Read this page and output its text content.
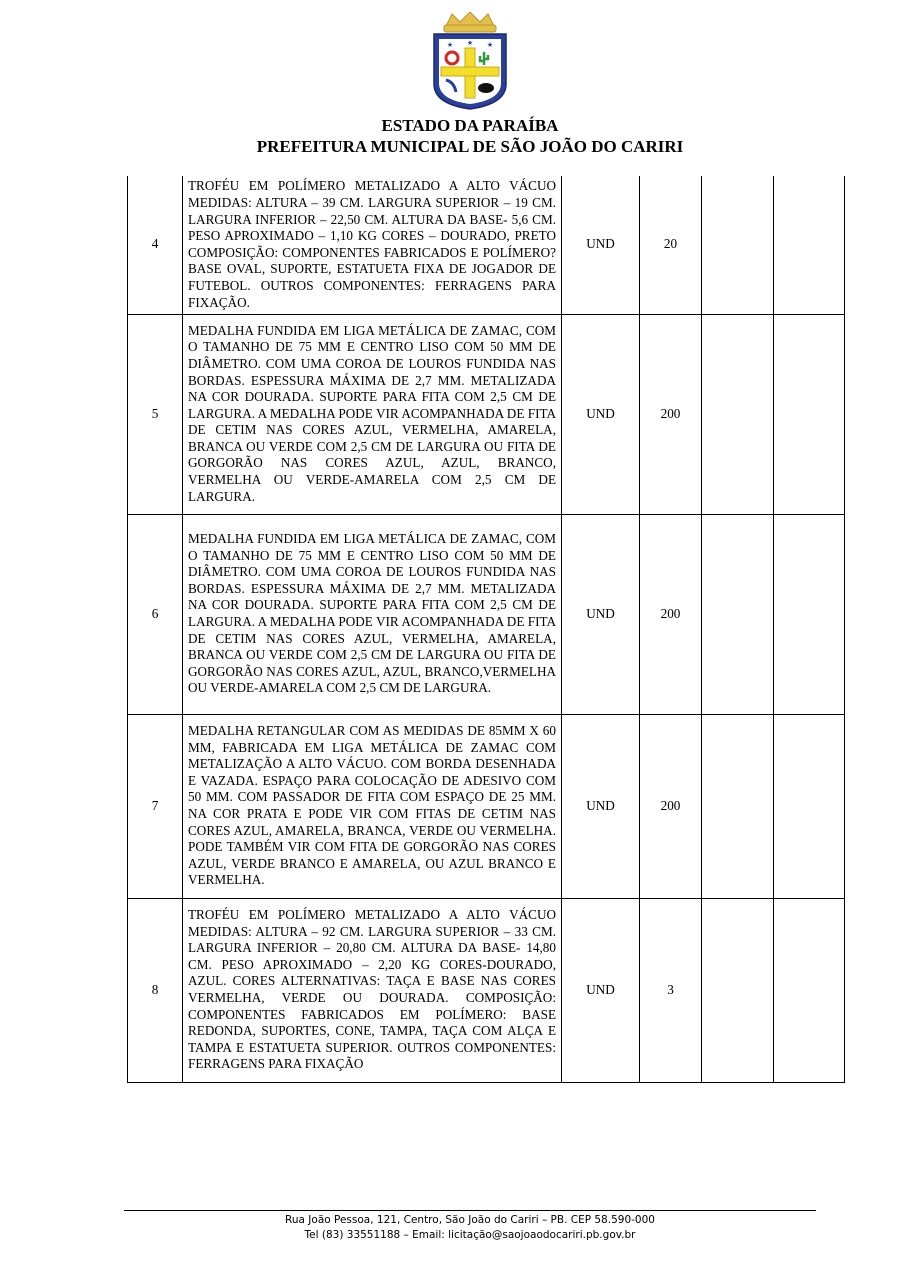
★ ★ ★
ESTADO DA PARAÍBA
PREFEITURA MUNICIPAL DE SÃO JOÃO DO CARIRI
4	TROFÉU EM POLÍMERO METALIZADO A ALTO VÁCUO MEDIDAS: ALTURA – 39 CM. LARGURA SUPERIOR – 19 CM. LARGURA INFERIOR – 22,50 CM. ALTURA DA BASE- 5,6 CM. PESO APROXIMADO – 1,10 KG CORES – DOURADO, PRETO COMPOSIÇÃO: COMPONENTES FABRICADOS E POLÍMERO? BASE OVAL, SUPORTE, ESTATUETA FIXA DE JOGADOR DE FUTEBOL. OUTROS COMPONENTES: FERRAGENS PARA FIXAÇÃO.	UND	20		
5	MEDALHA FUNDIDA EM LIGA METÁLICA DE ZAMAC, COM O TAMANHO DE 75 MM E CENTRO LISO COM 50 MM DE DIÂMETRO. COM UMA COROA DE LOUROS FUNDIDA NAS BORDAS. ESPESSURA MÁXIMA DE 2,7 MM. METALIZADA NA COR DOURADA. SUPORTE PARA FITA COM 2,5 CM DE LARGURA. A MEDALHA PODE VIR ACOMPANHADA DE FITA DE CETIM NAS CORES AZUL, VERMELHA, AMARELA, BRANCA OU VERDE COM 2,5 CM DE LARGURA OU FITA DE GORGORÃO NAS CORES AZUL, AZUL, BRANCO, VERMELHA OU VERDE-AMARELA COM 2,5 CM DE LARGURA.	UND	200		
6	MEDALHA FUNDIDA EM LIGA METÁLICA DE ZAMAC, COM O TAMANHO DE 75 MM E CENTRO LISO COM 50 MM DE DIÂMETRO. COM UMA COROA DE LOUROS FUNDIDA NAS BORDAS. ESPESSURA MÁXIMA DE 2,7 MM. METALIZADA NA COR DOURADA. SUPORTE PARA FITA COM 2,5 CM DE LARGURA. A MEDALHA PODE VIR ACOMPANHADA DE FITA DE CETIM NAS CORES AZUL, VERMELHA, AMARELA, BRANCA OU VERDE COM 2,5 CM DE LARGURA OU FITA DE GORGORÃO NAS CORES AZUL, AZUL, BRANCO,VERMELHA OU VERDE-AMARELA COM 2,5 CM DE LARGURA.	UND	200		
7	MEDALHA RETANGULAR COM AS MEDIDAS DE 85MM X 60 MM, FABRICADA EM LIGA METÁLICA DE ZAMAC COM METALIZAÇÃO A ALTO VÁCUO. COM BORDA DESENHADA E VAZADA. ESPAÇO PARA COLOCAÇÃO DE ADESIVO COM 50 MM. COM PASSADOR DE FITA COM ESPAÇO DE 25 MM. NA COR PRATA E PODE VIR COM FITAS DE CETIM NAS CORES AZUL, AMARELA, BRANCA, VERDE OU VERMELHA. PODE TAMBÉM VIR COM FITA DE GORGORÃO NAS CORES AZUL, VERDE BRANCO E AMARELA, OU AZUL BRANCO E VERMELHA.	UND	200		
8	TROFÉU EM POLÍMERO METALIZADO A ALTO VÁCUO MEDIDAS: ALTURA – 92 CM. LARGURA SUPERIOR – 33 CM. LARGURA INFERIOR – 20,80 CM. ALTURA DA BASE- 14,80 CM. PESO APROXIMADO – 2,20 KG CORES-DOURADO, AZUL. CORES ALTERNATIVAS: TAÇA E BASE NAS CORES VERMELHA, VERDE OU DOURADA. COMPOSIÇÃO: COMPONENTES FABRICADOS EM POLÍMERO: BASE REDONDA, SUPORTES, CONE, TAMPA, TAÇA COM ALÇA E TAMPA E ESTATUETA SUPERIOR. OUTROS COMPONENTES: FERRAGENS PARA FIXAÇÃO	UND	3		
Rua João Pessoa, 121, Centro, São João do Cariri – PB. CEP 58.590-000
Tel (83) 33551188 – Email: licitação@saojoaodocariri.pb.gov.br
